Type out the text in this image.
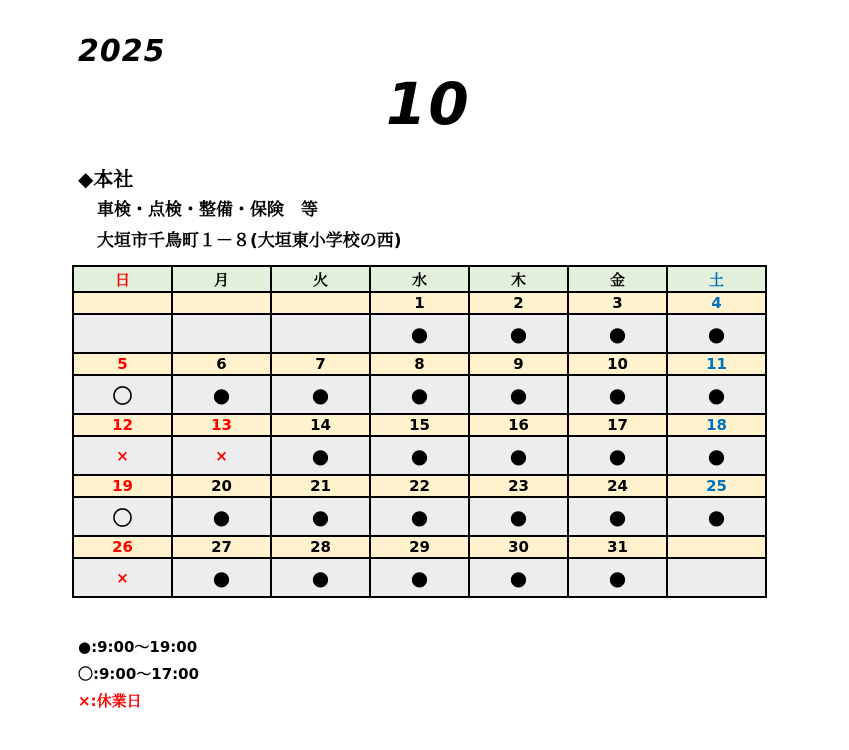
2025
10
◆本社
車検・点検・整備・保険　等
大垣市千鳥町１－８(大垣東小学校の西)
日	月	火	水	木	金	土
			1	2	3	4
			●	●	●	●
5	6	7	8	9	10	11
〇	●	●	●	●	●	●
12	13	14	15	16	17	18
×	×	●	●	●	●	●
19	20	21	22	23	24	25
〇	●	●	●	●	●	●
26	27	28	29	30	31	
×	●	●	●	●	●	
●:9:00～19:00
〇:9:00～17:00
×:休業日
